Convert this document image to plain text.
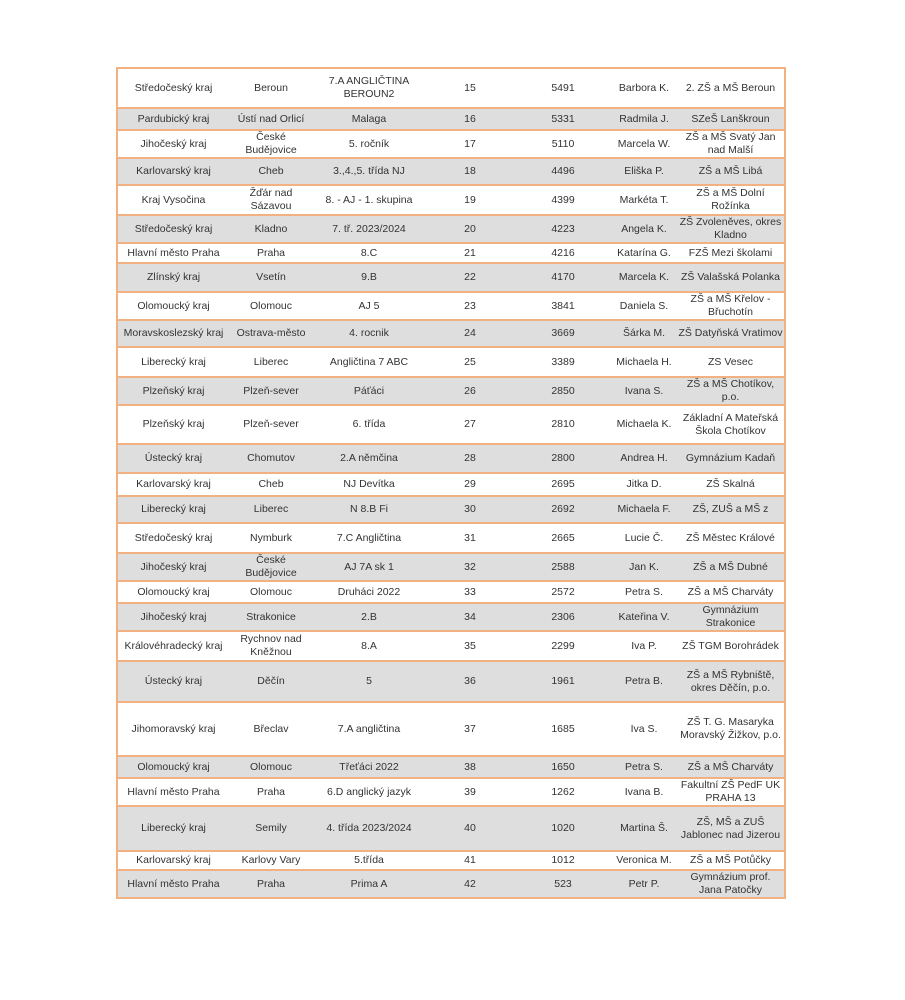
Středočeský kraj	Beroun	7.A ANGLIČTINA BEROUN2	15	5491	Barbora K.	2. ZŠ a MŠ Beroun
Pardubický kraj	Ústí nad Orlicí	Malaga	16	5331	Radmila J.	SZeŠ Lanškroun
Jihočeský kraj	České Budějovice	5. ročník	17	5110	Marcela W.	ZŠ a MŠ Svatý Jan nad Malší
Karlovarský kraj	Cheb	3.,4.,5. třída NJ	18	4496	Eliška P.	ZŠ a MŠ Libá
Kraj Vysočina	Žďár nad Sázavou	8. - AJ - 1. skupina	19	4399	Markéta T.	ZŠ a MŠ Dolní Rožínka
Středočeský kraj	Kladno	7. tř. 2023/2024	20	4223	Angela K.	ZŠ Zvoleněves, okres Kladno
Hlavní město Praha	Praha	8.C	21	4216	Katarína G.	FZŠ Mezi školami
Zlínský kraj	Vsetín	9.B	22	4170	Marcela K.	ZŠ Valašská Polanka
Olomoucký kraj	Olomouc	AJ 5	23	3841	Daniela S.	ZŠ a MŠ Křelov - Břuchotín
Moravskoslezský kraj	Ostrava-město	4. rocnik	24	3669	Šárka M.	ZŠ Datyňská Vratimov
Liberecký kraj	Liberec	Angličtina 7 ABC	25	3389	Michaela H.	ZS Vesec
Plzeňský kraj	Plzeň-sever	Páťáci	26	2850	Ivana S.	ZŠ a MŠ Chotíkov, p.o.
Plzeňský kraj	Plzeň-sever	6. třída	27	2810	Michaela K.	Základní A Mateřská Škola Chotíkov
Ústecký kraj	Chomutov	2.A němčina	28	2800	Andrea H.	Gymnázium Kadaň
Karlovarský kraj	Cheb	NJ Devítka	29	2695	Jitka D.	ZŠ Skalná
Liberecký kraj	Liberec	N 8.B Fi	30	2692	Michaela F.	ZŠ, ZUŠ a MŠ z
Středočeský kraj	Nymburk	7.C Angličtina	31	2665	Lucie Č.	ZŠ Městec Králové
Jihočeský kraj	České Budějovice	AJ 7A sk 1	32	2588	Jan K.	ZŠ a MŠ Dubné
Olomoucký kraj	Olomouc	Druháci 2022	33	2572	Petra S.	ZŠ a MŠ Charváty
Jihočeský kraj	Strakonice	2.B	34	2306	Kateřina V.	Gymnázium Strakonice
Královéhradecký kraj	Rychnov nad Kněžnou	8.A	35	2299	Iva P.	ZŠ TGM Borohrádek
Ústecký kraj	Děčín	5	36	1961	Petra B.	ZŠ a MŠ Rybniště, okres Děčín, p.o.
Jihomoravský kraj	Břeclav	7.A angličtina	37	1685	Iva S.	ZŠ T. G. Masaryka Moravský Žižkov, p.o.
Olomoucký kraj	Olomouc	Třeťáci 2022	38	1650	Petra S.	ZŠ a MŠ Charváty
Hlavní město Praha	Praha	6.D anglický jazyk	39	1262	Ivana B.	Fakultní ZŠ PedF UK PRAHA 13
Liberecký kraj	Semily	4. třída 2023/2024	40	1020	Martina Š.	ZŠ, MŠ a ZUŠ Jablonec nad Jizerou
Karlovarský kraj	Karlovy Vary	5.třída	41	1012	Veronica M.	ZŠ a MŠ Potůčky
Hlavní město Praha	Praha	Prima A	42	523	Petr P.	Gymnázium prof. Jana Patočky
